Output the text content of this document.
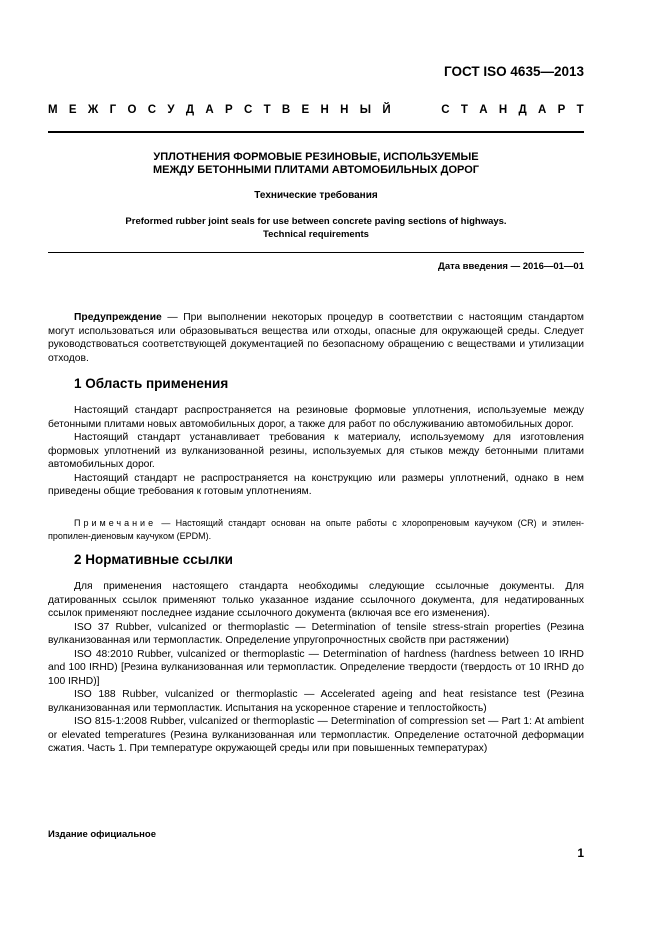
ГОСТ ISO 4635—2013
М Е Ж Г О С У Д А Р С Т В Е Н Н Ы Й	С Т А Н Д А Р Т
УПЛОТНЕНИЯ ФОРМОВЫЕ РЕЗИНОВЫЕ, ИСПОЛЬЗУЕМЫЕ
МЕЖДУ БЕТОННЫМИ ПЛИТАМИ АВТОМОБИЛЬНЫХ ДОРОГ
Технические требования
Preformed rubber joint seals for use between concrete paving sections of highways.
Technical requirements
Дата введения — 2016—01—01
Предупреждение — При выполнении некоторых процедур в соответствии с настоящим стандартом могут использоваться или образовываться вещества или отходы, опасные для окружающей среды. Следует руководствоваться соответствующей документацией по безопасному обращению с веществами и утилизации отходов.
1 Область применения

Настоящий стандарт распространяется на резиновые формовые уплотнения, используемые между бетонными плитами новых автомобильных дорог, а также для работ по обслуживанию автомобильных дорог.

Настоящий стандарт устанавливает требования к материалу, используемому для изготовления формовых уплотнений из вулканизованной резины, используемых для стыков между бетонными плитами автомобильных дорог.

Настоящий стандарт не распространяется на конструкцию или размеры уплотнений, однако в нем приведены общие требования к готовым уплотнениям.

Примечание — Настоящий стандарт основан на опыте работы с хлоропреновым каучуком (CR) и этилен-пропилен-диеновым каучуком (EPDM).
2 Нормативные ссылки

Для применения настоящего стандарта необходимы следующие ссылочные документы. Для датированных ссылок применяют только указанное издание ссылочного документа, для недатированных ссылок применяют последнее издание ссылочного документа (включая все его изменения).

ISO 37 Rubber, vulcanized or thermoplastic — Determination of tensile stress-strain properties (Резина вулканизованная или термопластик. Определение упругопрочностных свойств при растяжении)

ISO 48:2010 Rubber, vulcanized or thermoplastic — Determination of hardness (hardness between 10 IRHD and 100 IRHD) [Резина вулканизованная или термопластик. Определение твердости (твердость от 10 IRHD до 100 IRHD)]

ISO 188 Rubber, vulcanized or thermoplastic — Accelerated ageing and heat resistance test (Резина вулканизованная или термопластик. Испытания на ускоренное старение и теплостойкость)

ISO 815-1:2008 Rubber, vulcanized or thermoplastic — Determination of compression set — Part 1: At ambient or elevated temperatures (Резина вулканизованная или термопластик. Определение остаточной деформации сжатия. Часть 1. При температуре окружающей среды или при повышенных температурах)

Издание официальное
1
